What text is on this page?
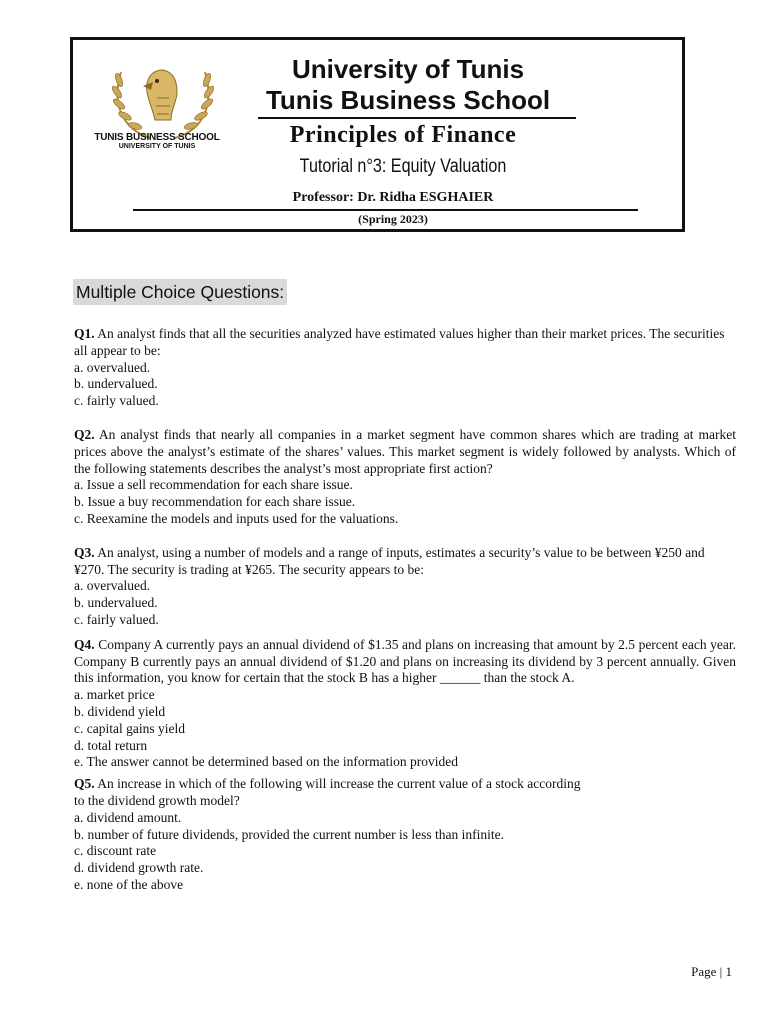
TUNIS BUSINESS SCHOOL
UNIVERSITY OF TUNIS
University of Tunis
Tunis Business School
Principles of Finance
Tutorial n°3: Equity Valuation
Professor: Dr. Ridha ESGHAIER
(Spring 2023)
Multiple Choice Questions:

Q1. An analyst finds that all the securities analyzed have estimated values higher than their market prices. The securities all appear to be:

a. overvalued.

b. undervalued.

c. fairly valued.

Q2. An analyst finds that nearly all companies in a market segment have common shares which are trading at market prices above the analyst’s estimate of the shares’ values. This market segment is widely followed by analysts. Which of the following statements describes the analyst’s most appropriate first action?

a. Issue a sell recommendation for each share issue.

b. Issue a buy recommendation for each share issue.

c. Reexamine the models and inputs used for the valuations.

Q3. An analyst, using a number of models and a range of inputs, estimates a security’s value to be between ¥250 and ¥270. The security is trading at ¥265. The security appears to be:

a. overvalued.

b. undervalued.

c. fairly valued.

Q4. Company A currently pays an annual dividend of $1.35 and plans on increasing that amount by 2.5 percent each year. Company B currently pays an annual dividend of $1.20 and plans on increasing its dividend by 3 percent annually. Given this information, you know for certain that the stock B has a higher ______ than the stock A.

a. market price

b. dividend yield

c. capital gains yield

d. total return

e. The answer cannot be determined based on the information provided

Q5. An increase in which of the following will increase the current value of a stock according

to the dividend growth model?

a. dividend amount.

b. number of future dividends, provided the current number is less than infinite.

c. discount rate

d. dividend growth rate.

e. none of the above

Page | 1
